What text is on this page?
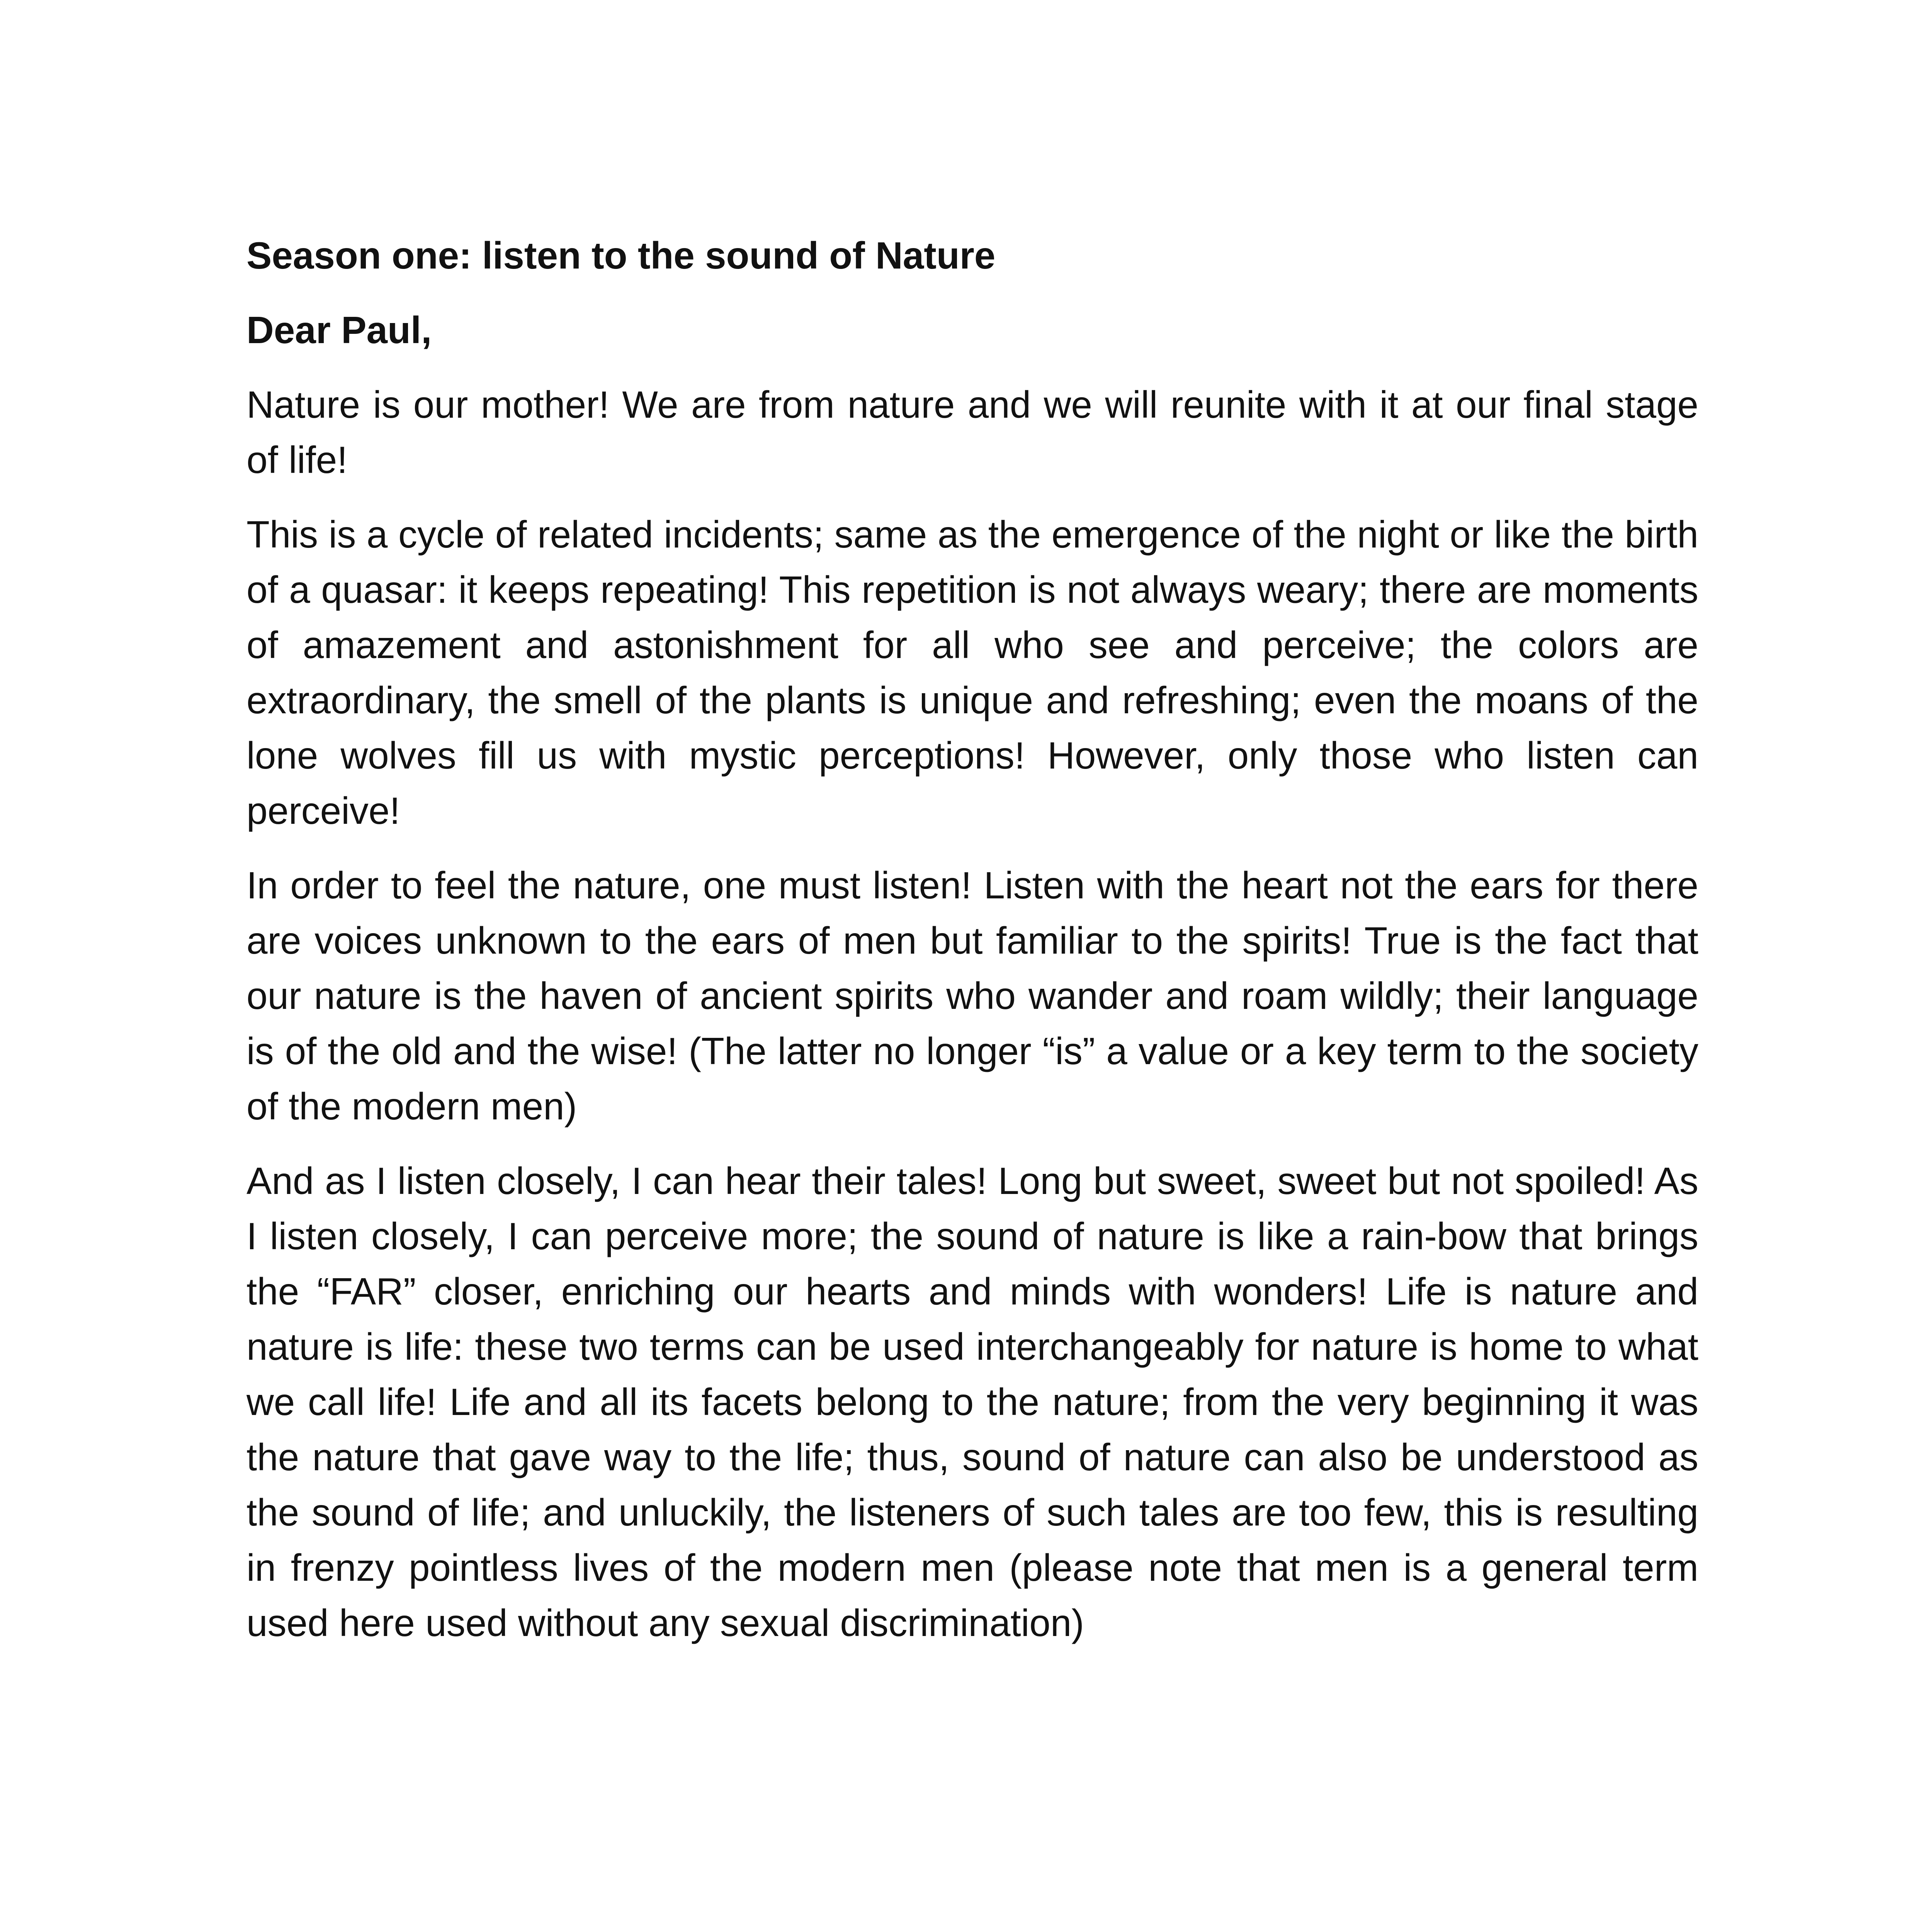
Season one: listen to the sound of Nature

Dear Paul,

Nature is our mother! We are from nature and we will reunite with it at our final stage of life!

This is a cycle of related incidents; same as the emergence of the night or like the birth of a quasar: it keeps repeating! This repetition is not always weary; there are moments of amazement and astonishment for all who see and perceive; the colors are extraordinary, the smell of the plants is unique and refreshing; even the moans of the lone wolves fill us with mystic perceptions! However, only those who listen can perceive!

In order to feel the nature, one must listen! Listen with the heart not the ears for there are voices unknown to the ears of men but familiar to the spirits! True is the fact that our nature is the haven of ancient spirits who wander and roam wildly; their language is of the old and the wise! (The latter no longer “is” a value or a key term to the society of the modern men)

And as I listen closely, I can hear their tales! Long but sweet, sweet but not spoiled! As I listen closely, I can perceive more; the sound of nature is like a rain-bow that brings the “FAR” closer, enriching our hearts and minds with wonders! Life is nature and nature is life: these two terms can be used interchangeably for nature is home to what we call life! Life and all its facets belong to the nature; from the very beginning it was the nature that gave way to the life; thus, sound of nature can also be understood as the sound of life; and unluckily, the listeners of such tales are too few, this is resulting in frenzy pointless lives of the modern men (please note that men is a general term used here used without any sexual discrimination)
